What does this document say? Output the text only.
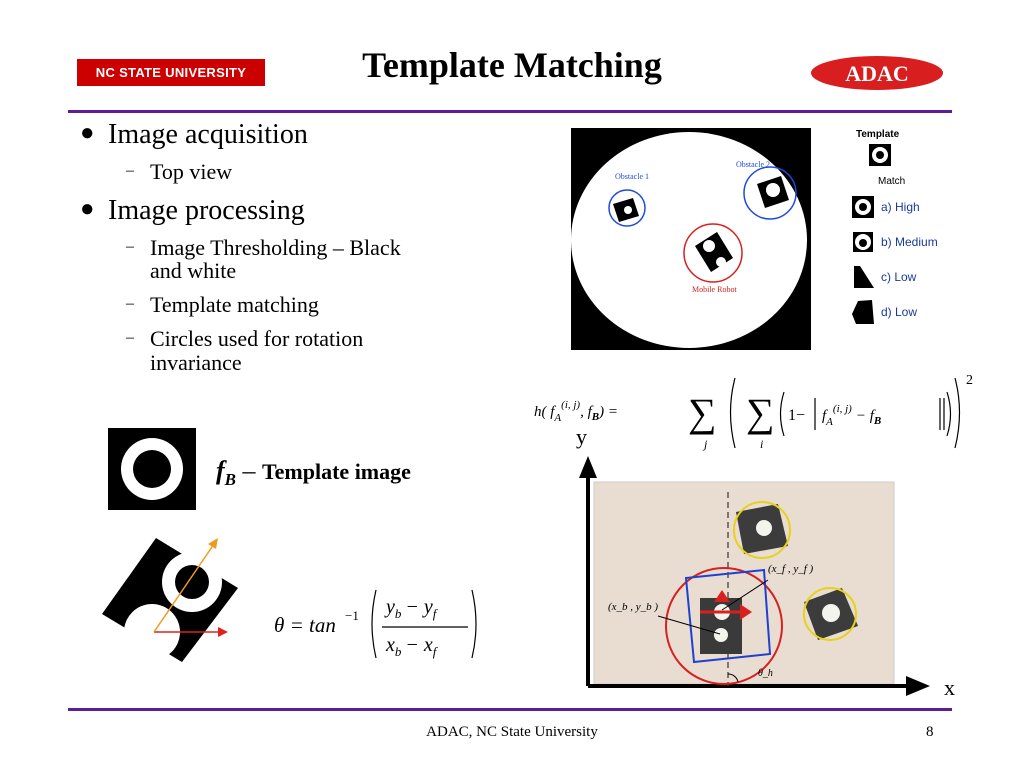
NC STATE UNIVERSITY	Template Matching	ADAC
● Image acquisition
– Top view
● Image processing
– Image Thresholding – Black
and white
– Template matching
– Circles used for rotation
invariance
$f_B$ – Template image
θ = tan −1 $y_b - y_f$
$x_b - x_f$
Obstacle 1
Obstacle 2
Mobile Robot
Template
Match
a) High
b) Medium
c) Low
d) Low
h( $f_A^{(i, j)}$, $f_B$) = ∑
j
∑
i
$1- f_A^{(i, j)} - f_B$
2
y
x
(x_f , y_f )
(x_b , y_b )
θ_h
ADAC, NC State University	8
